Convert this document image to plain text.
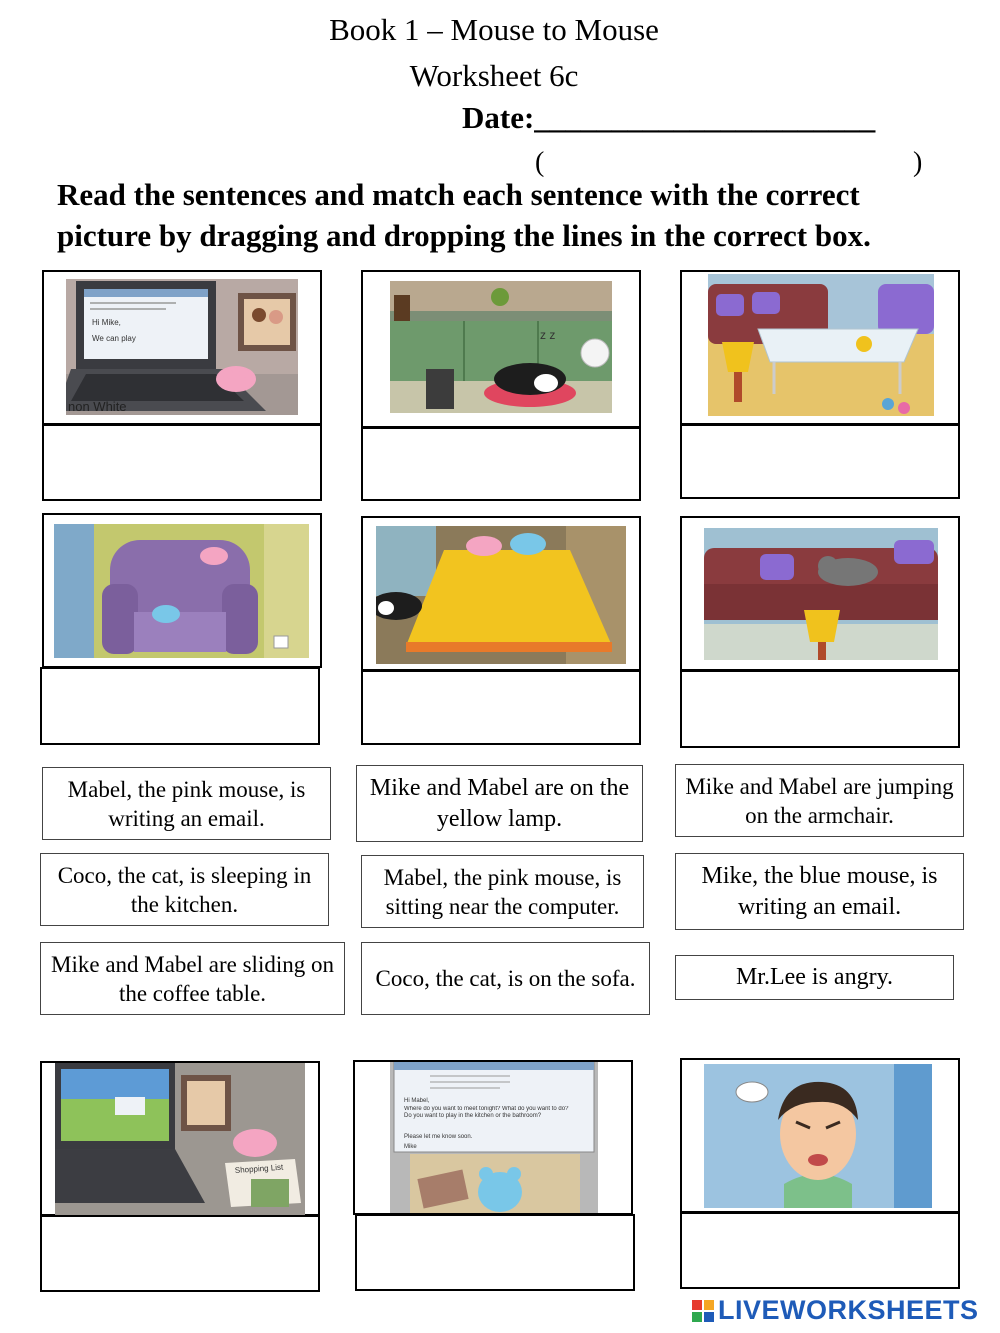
Book 1 – Mouse to Mouse
Worksheet 6c
Date:______________________
(	)
Read the sentences and match each sentence with the correct picture by dragging and dropping the lines in the correct box.
Hi Mike,
We can play
non White
z z
Mabel, the pink mouse, is writing an email.
Mike and Mabel are on the yellow lamp.
Mike and Mabel are jumping on the armchair.
Coco, the cat, is sleeping in the kitchen.
Mabel, the pink mouse, is sitting near the computer.
Mike, the blue mouse, is writing an email.
Mike and Mabel are sliding on the coffee table.
Coco, the cat, is on the sofa.	Mr.Lee is angry.
Shopping List
Hi Mabel,
Where do you want to meet tonight? What do you want to do? Do you want to play in the kitchen or the bathroom?
Please let me know soon.
Mike
LIVEWORKSHEETS
